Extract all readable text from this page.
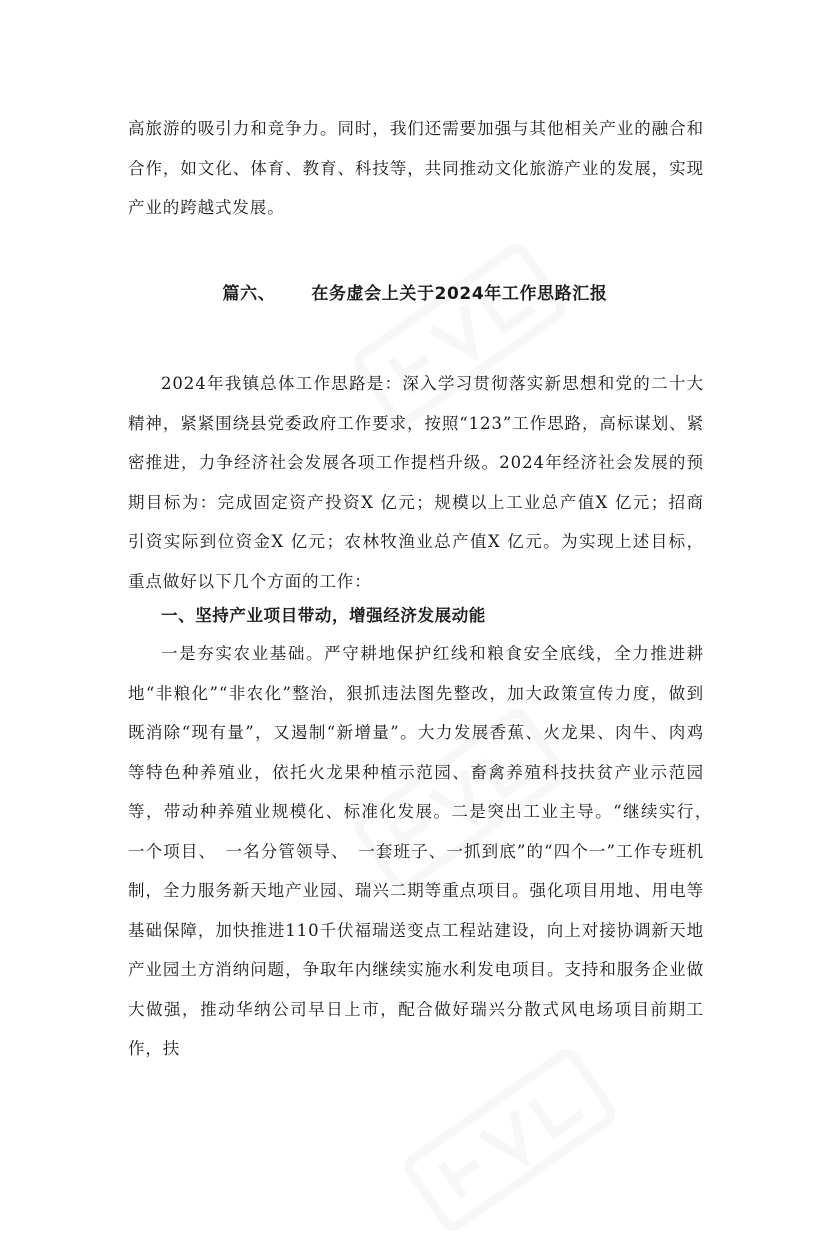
高旅游的吸引力和竞争力。同时，我们还需要加强与其他相关产业的融合和合作，如文化、体育、教育、科技等，共同推动文化旅游产业的发展，实现产业的跨越式发展。

篇六、 在务虚会上关于2024年工作思路汇报

2024年我镇总体工作思路是：深入学习贯彻落实新思想和党的二十大精神，紧紧围绕县党委政府工作要求，按照“123”工作思路，高标谋划、紧密推进，力争经济社会发展各项工作提档升级。2024年经济社会发展的预期目标为：完成固定资产投资X 亿元；规模以上工业总产值X 亿元；招商引资实际到位资金X 亿元；农林牧渔业总产值X 亿元。为实现上述目标，重点做好以下几个方面的工作：

一、坚持产业项目带动，增强经济发展动能

一是夯实农业基础。严守耕地保护红线和粮食安全底线，全力推进耕地“非粮化”“非农化”整治，狠抓违法图先整改，加大政策宣传力度，做到既消除“现有量”，又遏制“新增量”。大力发展香蕉、火龙果、肉牛、肉鸡等特色种养殖业，依托火龙果种植示范园、畜禽养殖科技扶贫产业示范园等，带动种养殖业规模化、标准化发展。二是突出工业主导。“继续实行，　一个项目、　一名分管领导、　一套班子、一抓到底”的“四个一”工作专班机制，全力服务新天地产业园、瑞兴二期等重点项目。强化项目用地、用电等基础保障，加快推进110千伏福瑞送变点工程站建设，向上对接协调新天地产业园土方消纳问题，争取年内继续实施水利发电项目。支持和服务企业做大做强，推动华纳公司早日上市，配合做好瑞兴分散式风电场项目前期工作，扶
